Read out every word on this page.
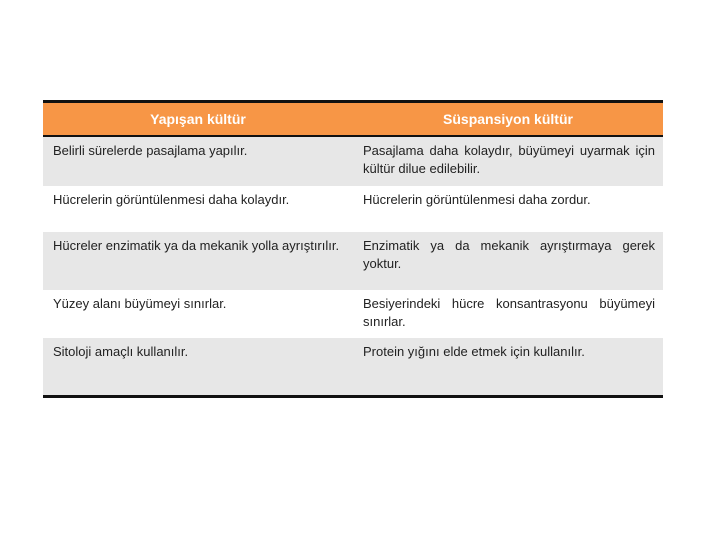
Yapışan kültür	Süspansiyon kültür
Belirli sürelerde pasajlama yapılır.	Pasajlama daha kolaydır, büyümeyi uyarmak için kültür dilue edilebilir.
Hücrelerin görüntülenmesi daha kolaydır.	Hücrelerin görüntülenmesi daha zordur.
Hücreler enzimatik ya da mekanik yolla ayrıştırılır.	Enzimatik ya da mekanik ayrıştırmaya gerek yoktur.
Yüzey alanı büyümeyi sınırlar.	Besiyerindeki hücre konsantrasyonu büyümeyi sınırlar.
Sitoloji amaçlı kullanılır.	Protein yığını elde etmek için kullanılır.
